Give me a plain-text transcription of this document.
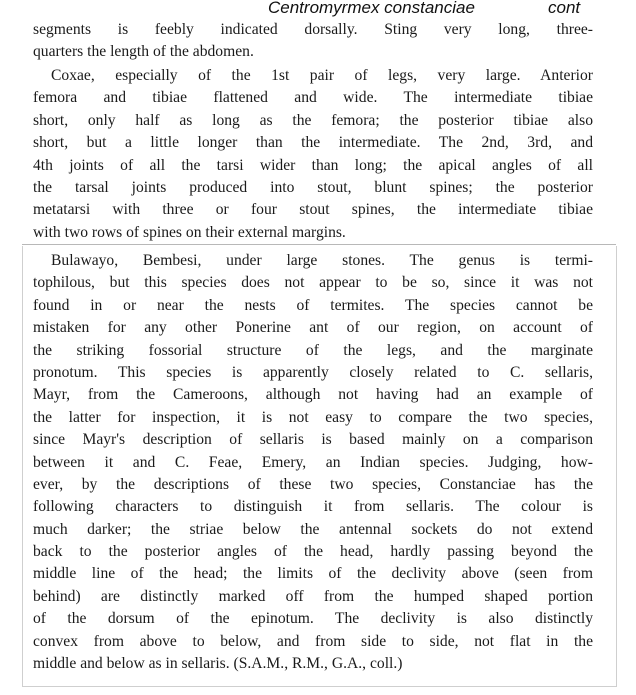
Centromyrmex constanciae	cont
segments is feebly indicated dorsally. Sting very long, three-
quarters the length of the abdomen.
Coxae, especially of the 1st pair of legs, very large. Anterior
femora and tibiae flattened and wide. The intermediate tibiae
short, only half as long as the femora; the posterior tibiae also
short, but a little longer than the intermediate. The 2nd, 3rd, and
4th joints of all the tarsi wider than long; the apical angles of all
the tarsal joints produced into stout, blunt spines; the posterior
metatarsi with three or four stout spines, the intermediate tibiae
with two rows of spines on their external margins.
Bulawayo, Bembesi, under large stones. The genus is termi-
tophilous, but this species does not appear to be so, since it was not
found in or near the nests of termites. The species cannot be
mistaken for any other Ponerine ant of our region, on account of
the striking fossorial structure of the legs, and the marginate
pronotum. This species is apparently closely related to C. sellaris,
Mayr, from the Cameroons, although not having had an example of
the latter for inspection, it is not easy to compare the two species,
since Mayr's description of sellaris is based mainly on a comparison
between it and C. Feae, Emery, an Indian species. Judging, how-
ever, by the descriptions of these two species, Constanciae has the
following characters to distinguish it from sellaris. The colour is
much darker; the striae below the antennal sockets do not extend
back to the posterior angles of the head, hardly passing beyond the
middle line of the head; the limits of the declivity above (seen from
behind) are distinctly marked off from the humped shaped portion
of the dorsum of the epinotum. The declivity is also distinctly
convex from above to below, and from side to side, not flat in the
middle and below as in sellaris. (S.A.M., R.M., G.A., coll.)
